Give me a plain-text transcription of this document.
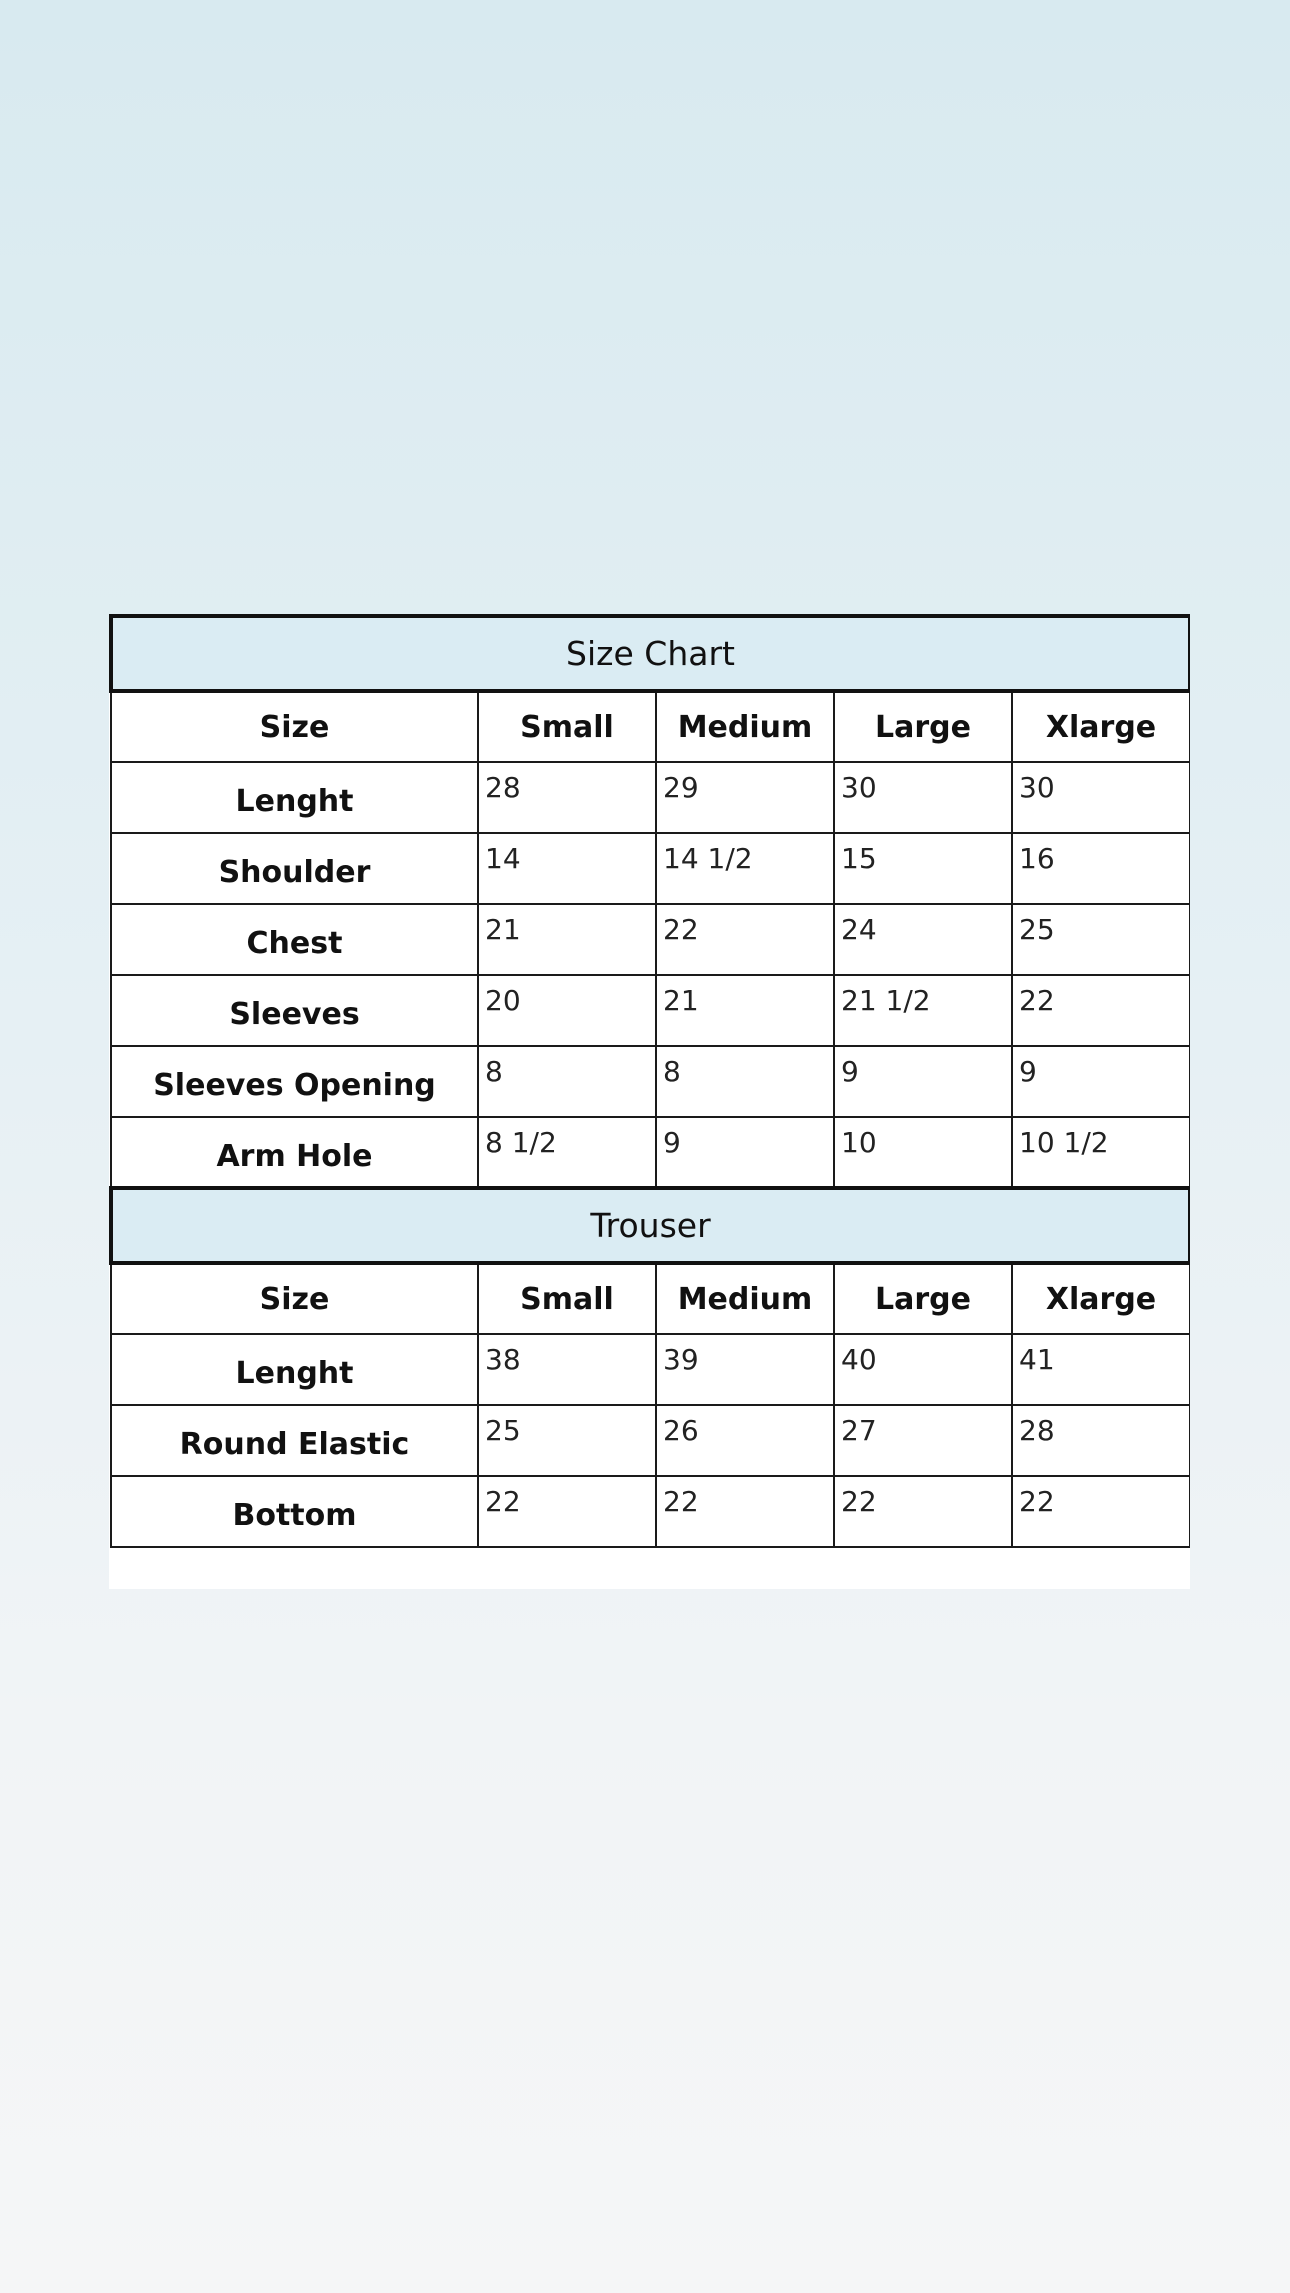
Size Chart				
Size	Small	Medium	Large	Xlarge
Lenght	28	29	30	30
Shoulder	14	14 1/2	15	16
Chest	21	22	24	25
Sleeves	20	21	21 1/2	22
Sleeves Opening	8	8	9	9
Arm Hole	8 1/2	9	10	10 1/2
Trouser				
Size	Small	Medium	Large	Xlarge
Lenght	38	39	40	41
Round Elastic	25	26	27	28
Bottom	22	22	22	22
